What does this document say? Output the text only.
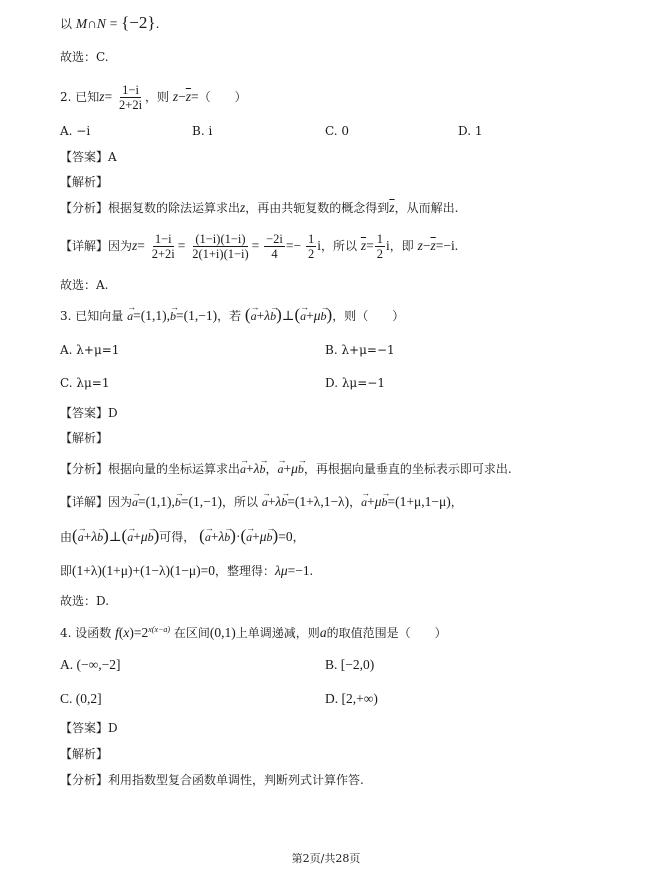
以 M∩N = {−2}.
故选：C.
2. 已知$z= \frac{1-i}{2+2i}$ ，则 $z-\overline{z}=$（　　）
A. −i	B. i	C. 0	D. 1
【答案】A
【解析】
【分析】根据复数的除法运算求出z，再由共轭复数的概念得到$\overline{z}$，从而解出.
【详解】因为$z= \frac{1-i}{2+2i} = \frac{(1-i)(1-i)}{2(1+i)(1-i)} = \frac{-2i}{4} =- \frac{1}{2}$ i，所以 $\overline{z}= \frac{1}{2}$ i，即 $z-\overline{z}=-i$.
故选：A.
3. 已知向量 → a=(1,1),→ b=(1,−1)，若 (→ a+λ→ b)⊥(→ a+μ→ b)，则（　　）
A. λ+μ=1	B. λ+μ=−1
C. λμ=1	D. λμ=−1
【答案】D
【解析】
【分析】根据向量的坐标运算求出→ a+λ→ b，→ a+μ→ b，再根据向量垂直的坐标表示即可求出.
【详解】因为→ a=(1,1),→ b=(1,−1)，所以 → a+λ→ b=(1+λ,1−λ)，→ a+μ→ b=(1+μ,1−μ)，
由(→ a+λ→ b)⊥(→ a+μ→ b)可得， (→ a+λ→ b)·(→ a+μ→ b)=0，
即(1+λ)(1+μ)+(1−λ)(1−μ)=0，整理得：λμ=−1.
故选：D.
4. 设函数 $f(x)=2^{x(x-a)}$ 在区间(0,1)上单调递减，则a的取值范围是（　　）
A. (−∞,−2]	B. [−2,0)
C. (0,2]	D. [2,+∞)
【答案】D
【解析】
【分析】利用指数型复合函数单调性，判断列式计算作答.
第2页/共28页
